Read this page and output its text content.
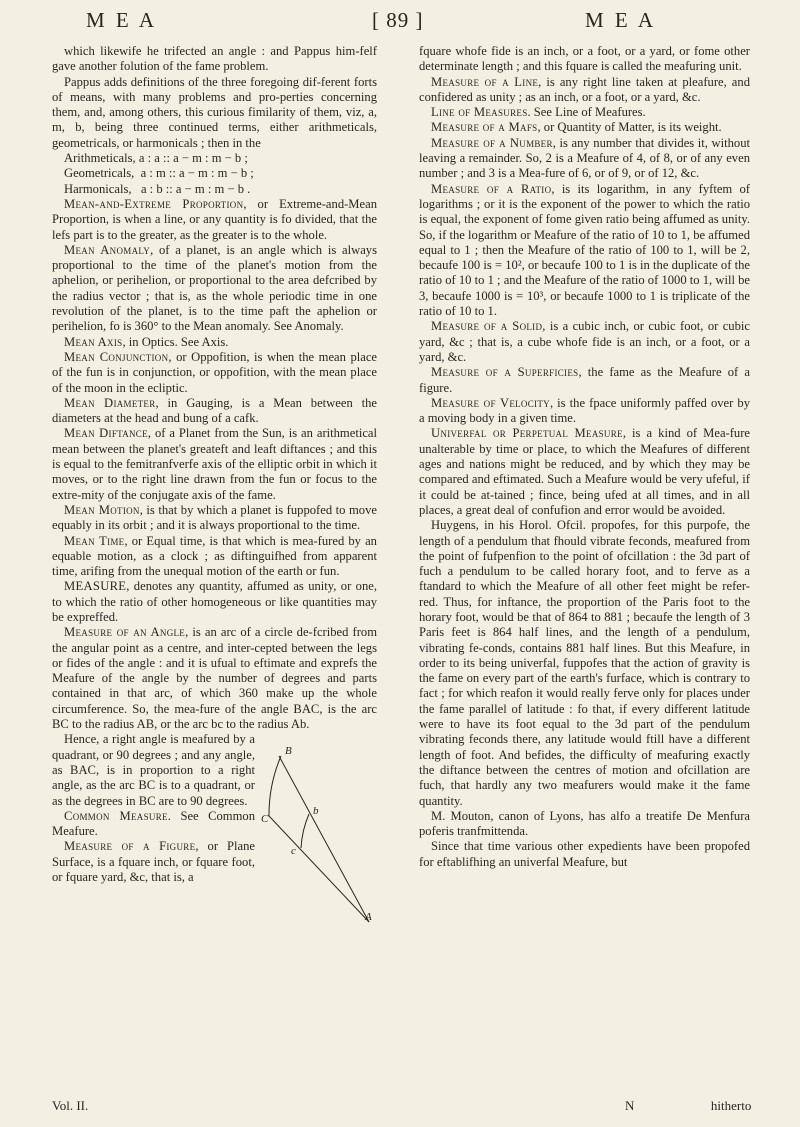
M E A	[ 89 ]	M E A

which likewife he trifected an angle : and Pappus him-felf gave another folution of the fame problem.

Pappus adds definitions of the three foregoing dif-ferent forts of means, with many problems and pro-perties concerning them, and, among others, this curious fimilarity of them, viz, a, m, b, being three continued terms, either arithmeticals, geometricals, or harmonicals ; then in the

Arithmeticals, a : a :: a − m : m − b ;
Geometricals,  a : m :: a − m : m − b ;
Harmonicals,   a : b :: a − m : m − b .

Mean-and-Extreme Proportion, or Extreme-and-Mean Proportion, is when a line, or any quantity is fo divided, that the lefs part is to the greater, as the greater is to the whole.

Mean Anomaly, of a planet, is an angle which is always proportional to the time of the planet's motion from the aphelion, or perihelion, or proportional to the area defcribed by the radius vector ; that is, as the whole periodic time in one revolution of the planet, is to the time paft the aphelion or perihelion, fo is 360° to the Mean anomaly. See Anomaly.

Mean Axis, in Optics. See Axis.

Mean Conjunction, or Oppofition, is when the mean place of the fun is in conjunction, or oppofition, with the mean place of the moon in the ecliptic.

Mean Diameter, in Gauging, is a Mean between the diameters at the head and bung of a cafk.

Mean Diftance, of a Planet from the Sun, is an arithmetical mean between the planet's greateft and leaft diftances ; and this is equal to the femitranfverfe axis of the elliptic orbit in which it moves, or to the right line drawn from the fun or focus to the extre-mity of the conjugate axis of the fame.

Mean Motion, is that by which a planet is fuppofed to move equably in its orbit ; and it is always proportional to the time.

Mean Time, or Equal time, is that which is mea-fured by an equable motion, as a clock ; as diftinguifhed from apparent time, arifing from the unequal motion of the earth or fun.

MEASURE, denotes any quantity, affumed as unity, or one, to which the ratio of other homogeneous or like quantities may be expreffed.

Measure of an Angle, is an arc of a circle de-fcribed from the angular point as a centre, and inter-cepted between the legs or fides of the angle : and it is ufual to eftimate and exprefs the Meafure of the angle by the number of degrees and parts contained in that arc, of which 360 make up the whole circumference. So, the mea-fure of the angle BAC, is the arc BC to the radius AB, or the arc bc to the radius Ab.

B
b
C
c
A

Hence, a right angle is meafured by a quadrant, or 90 degrees ; and any angle, as BAC, is in proportion to a right angle, as the arc BC is to a quadrant, or as the degrees in BC are to 90 degrees.

Common Measure. See Common Meafure.

Measure of a Figure, or Plane Surface, is a fquare inch, or fquare foot, or fquare yard, &c, that is, a

fquare whofe fide is an inch, or a foot, or a yard, or fome other determinate length ; and this fquare is called the meafuring unit.

Measure of a Line, is any right line taken at pleafure, and confidered as unity ; as an inch, or a foot, or a yard, &c.

Line of Measures. See Line of Meafures.

Measure of a Mafs, or Quantity of Matter, is its weight.

Measure of a Number, is any number that divides it, without leaving a remainder. So, 2 is a Meafure of 4, of 8, or of any even number ; and 3 is a Mea-fure of 6, or of 9, or of 12, &c.

Measure of a Ratio, is its logarithm, in any fyftem of logarithms ; or it is the exponent of the power to which the ratio is equal, the exponent of fome given ratio being affumed as unity. So, if the logarithm or Meafure of the ratio of 10 to 1, be affumed equal to 1 ; then the Meafure of the ratio of 100 to 1, will be 2, becaufe 100 is = 10², or becaufe 100 to 1 is in the duplicate of the ratio of 10 to 1 ; and the Meafure of the ratio of 1000 to 1, will be 3, becaufe 1000 is = 10³, or becaufe 1000 to 1 is triplicate of the ratio of 10 to 1.

Measure of a Solid, is a cubic inch, or cubic foot, or cubic yard, &c ; that is, a cube whofe fide is an inch, or a foot, or a yard, &c.

Measure of a Superficies, the fame as the Meafure of a figure.

Measure of Velocity, is the fpace uniformly paffed over by a moving body in a given time.

Univerfal or Perpetual Measure, is a kind of Mea-fure unalterable by time or place, to which the Meafures of different ages and nations might be reduced, and by which they may be compared and eftimated. Such a Meafure would be very ufeful, if it could be at-tained ; fince, being ufed at all times, and in all places, a great deal of confufion and error would be avoided.

Huygens, in his Horol. Ofcil. propofes, for this purpofe, the length of a pendulum that fhould vibrate feconds, meafured from the point of fufpenfion to the point of ofcillation : the 3d part of fuch a pendulum to be called horary foot, and to ferve as a ftandard to which the Meafure of all other feet might be refer-red. Thus, for inftance, the proportion of the Paris foot to the horary foot, would be that of 864 to 881 ; becaufe the length of 3 Paris feet is 864 half lines, and the length of a pendulum, vibrating fe-conds, contains 881 half lines. But this Meafure, in order to its being univerfal, fuppofes that the action of gravity is the fame on every part of the earth's furface, which is contrary to fact ; for which reafon it would really ferve only for places under the fame parallel of latitude : fo that, if every different latitude were to have its foot equal to the 3d part of the pendulum vibrating feconds there, any latitude would ftill have a different length of foot. And befides, the difficulty of meafuring exactly the diftance between the centres of motion and ofcillation are fuch, that hardly any two meafurers would make it the fame quantity.

M. Mouton, canon of Lyons, has alfo a treatife De Menfura poferis tranfmittenda.

Since that time various other expedients have been propofed for eftablifhing an univerfal Meafure, but

Vol. II.	N	hitherto
